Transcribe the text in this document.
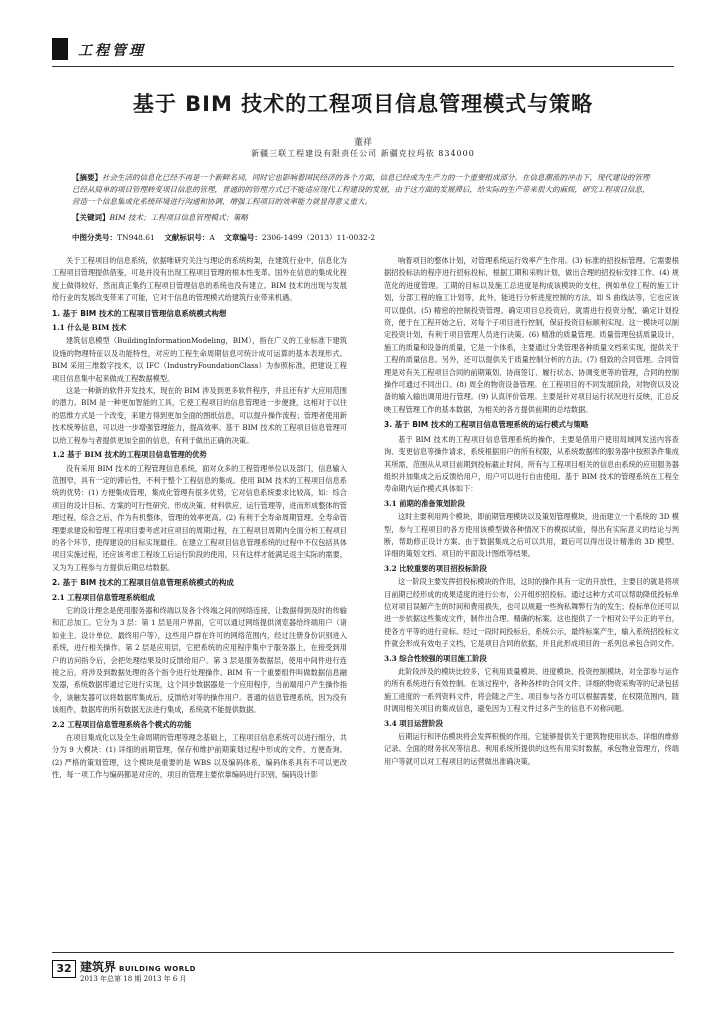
工程管理
基于 BIM 技术的工程项目信息管理模式与策略
董祥
新疆三联工程建设有限责任公司 新疆克拉玛依 834000
【摘要】社会生活的信息化已经不再是一个新鲜名词，同时它也影响着国民经济的各个方面，信息已经成为生产力的一个重要组成部分。在信息潮流的冲击下，现代建设的管理已经从简单的项目管理转变项目信息的管理，普通的的管理方式已不能适应现代工程建设的发展，由于这方面的发展滞后，给实际的生产带来很大的麻烦，研究工程项目信息，营造一个信息集成化系统环境进行沟通和协调，增强工程项目的效率能力就显得意义重大。
【关键词】BIM 技术；工程项目信息管理模式；策略
中图分类号：TN948.61 文献标识号：A 文章编号：2306-1499（2013）11-0032-2

关于工程项目的信息系统，依据唯研究关注与理论的系统构架，在建筑行业中，信息化为工程项目管理提供借鉴，可是并没有出现工程项目管理的根本性变革。国外在信息的集成化程度上做得较好，然而真正集约工程项目管理信息的系统也没有建立。BIM 技术的出现与发展给行业的发展改变带来了可能，它对于信息的管理模式给建筑行业带来机遇。

1. 基于 BIM 技术的工程项目管理信息系统模式构想
1.1 什么是 BIM 技术

建筑信息模型（BuildingInformationModeling，BIM），指在广义的工业标准下建筑设施的物理特征以及功能特性，对应的工程生命周期信息可统计成可运算的基本表现形式。BIM 采用三维数字技术，以 IFC（IndustryFoundationClass）为参照标准，把建设工程项目信息集中起来做成工程数据模型。

这是一种新的软件开发技术，现在的 BIM 涉及到更多软件程序，并且还有扩大应用范围的潜力。BIM 是一种更加智能的工具，它使工程项目的信息管理进一步便捷，这相对于以往的思维方式是一个改变，来建方得到更加全面的图纸信息，可以提升操作流程；管理者使用新技术统筹信息，可以进一步增强管理能力，提高效率。基于 BIM 技术的工程项目信息管理可以给工程参与者提供更加全面的信息，有利于做出正确的决策。

1.2 基于 BIM 技术的工程项目信息管理的优势

没有采用 BIM 技术的工程管理信息系统，面对众多的工程管理单位以及部门，信息输入范围窄，具有一定的滞后性，不利于整个工程信息的集成。使用 BIM 技术的工程项目信息系统的优势：(1) 方便集成管理，集成化管理有很多优势，它对信息系统要求比较高，如：综合项目的设计目标、方案的可行性研究、形成决策、材料供应、运行管理等，进而形成整体的管理过程，综合之后，作为有机整体，管理的效率更高。(2) 有利于全寿命周期管理。全寿命管理要求建设和管理工程项目要考虑对应项目的周期过程，在工程项目周期内全面分析工程项目的各个环节，使得建设的目标实现最佳。在建立工程项目信息管理系统的过程中不仅包括具体项目实施过程，还应该考虑工程竣工后运行阶段的使用，只有这样才能满足返主实际的需要，又为为工程参与方提供后期总结数据。

2. 基于 BIM 技术的工程项目信息管理系统模式的构成
2.1 工程项目信息管理系统组成

它的设计理念是使用服务器和终端以及各个终端之间的网络连接，让数据得到及时的传输和汇总加工。它分为 3 层：第 1 层是用户界面，它可以通过网络提供浏览器给终端用户（诸如业主、设计单位、最终用户等），这些用户群在许可的网络范围内，经过注册身份识别进入系统，进行相关操作。第 2 层是应用层，它把系统的应用程序集中于服务器上，在接受到用户的访问指令后，会把处理结果及时反馈给用户。第 3 层是服务数据层，使用中间件进行连接之后，将涉及到数据处理的各个指令进行处理操作。BIM 有一个重要组件叫做数据信息融发器，系统数据库通过它进行实现，这个同步数据器是一个应用程序，当前端用户产生操作指令，该触发器可以将数据库集成后，反馈给对等的操作用户。普通的信息管理系统，因为没有该组件，数据库的所有数据无法进行集成，系统就不能提供数据。

2.2 工程项目信息管理系统各个模式的功能

在项目集成化以及全生命周期的管理等理念基础上，工程项目信息系统可以进行细分，共分为 9 大模块：(1) 详细的前期管理，保存和维护前期策划过程中形成的文件，方便查询。(2) 严格的策划管理，这个模块是重要的是 WBS 以及编码体系，编码体系具有不可以更改性，每一项工作与编码都是对应的，项目的管理主要依靠编码进行识别，编码设计影

响着项目的整体计划，对管理系统运行效率产生作用。(3) 标准的招投标管理。它需要根据招投标法的程序进行招标投标，根据工期和采购计划，做出合理的招投标安排工作。(4) 规范化的进度管理。工期的目标以及施工总进度是构成该模块的支柱，例如单位工程的施工计划，分部工程的施工计划等，此外，能进行分析进度控制的方法，如 S 曲线法等，它也应该可以提供。(5) 精密的控制投资管理。确定项目总投资后，就需进行投资分配，确定计划投资，便于在工程开始之后，对每个子项目进行控制，保证投资目标顺利实现。这一模块可以制定投资计划，有利于项目管理人员进行决策。(6) 精准的质量管理。质量管理包括质量设计，施工的质量和设备的质量，它是一个体系，主要通过分类管理各种质量文档来实现，提供关于工程的质量信息。另外，还可以提供关于质量控制分析的方法。(7) 细致的合同管理。合同管理是对有关工程项目合同的前期策划、协商签订、履行状态、协调变更等的管理，合同的控制操作可通过不同出口。(8) 周全的物资设备管理。在工程项目的不同发展阶段，对物资以及设备的输入输出调用进行管理。(9) 认真评价管理。主要是针对项目运行状况进行反映，汇总反映工程管理工作的基本数据，为相关的各方提供前期的总结数据。

3. 基于 BIM 技术的工程项目信息管理系统的运行模式与策略

基于 BIM 技术的工程项目信息管理系统的操作，主要是借用户使用局域网发送内容查询、变更信息等操作请求，系统根据用户的所有权限，从系统数据库的服务器中按照条件集成其所需，范围从从项目前期到投标截止时间，所有与工程项目相关的信息由系统的应用服务器组织并加集成之后反馈给用户，用户可以进行自由使用。基于 BIM 技术的管理系统在工程全寿命期内运作模式具体如下：

3.1 前期的准备策划阶段

这时主要利用两个模块，即前期管理模块以及策划管理模块，进而建立一个系统的 3D 模型，参与工程项目的各方使用该模型做各种情况下的模拟试验，得出有实际意义的结论与判断，帮助修正设计方案。由于数据集成之后可以共用，最后可以得出设计精准的 3D 模型、详细的策划文档、项目的平面设计图纸等结果。

3.2 比较重要的项目招投标阶段

这一阶段主要发挥招投标模块的作用，这时的操作具有一定的开放性，主要目的就是将项目前期已经形成的成果适度的进行公布，公开组织招投标。通过这种方式可以帮助降低投标单位对项目误解产生的时间和费用损失，也可以规避一些徇私舞弊行为的发生；投标单位还可以进一步依据这些集成文件，制作出合理、精确的标案。这也提供了一个相对公平公正的平台，使各方平等的进行竞标。经过一段时间投标后，系统公示，最终标案产生，输入系统招投标文件就会形成有效电子文档，它是项目合同的依据，并且此形成项目的一系列总承包合同文件。

3.3 综合性较强的项目施工阶段

此阶段涉及的模块比较多，它利用质量模块、进度模块、投资控制模块，对全部参与运作的所有系统进行有效控制。在该过程中，各种各样的合同文件、详细的物资采购等的记录包括施工进度的一系列资料文件，将会随之产生。项目参与各方可以根据需要，在权限范围内，随时调用相关项目的集成信息，避免因为工程文件过多产生的信息不对称问题。

3.4 项目运营阶段

后期运行和评估模块将会发挥积极的作用，它能够提供关于建筑物使用状态、详细的维修记录、全面的财务状况等信息。利用系统所提供的这些有用实时数据，承包物业管理方，终端用户等就可以对工程项目的运营做出准确决策。

32 建筑界 BUILDING WORLD
2013 年总第 18 期 2013 年 6 月
